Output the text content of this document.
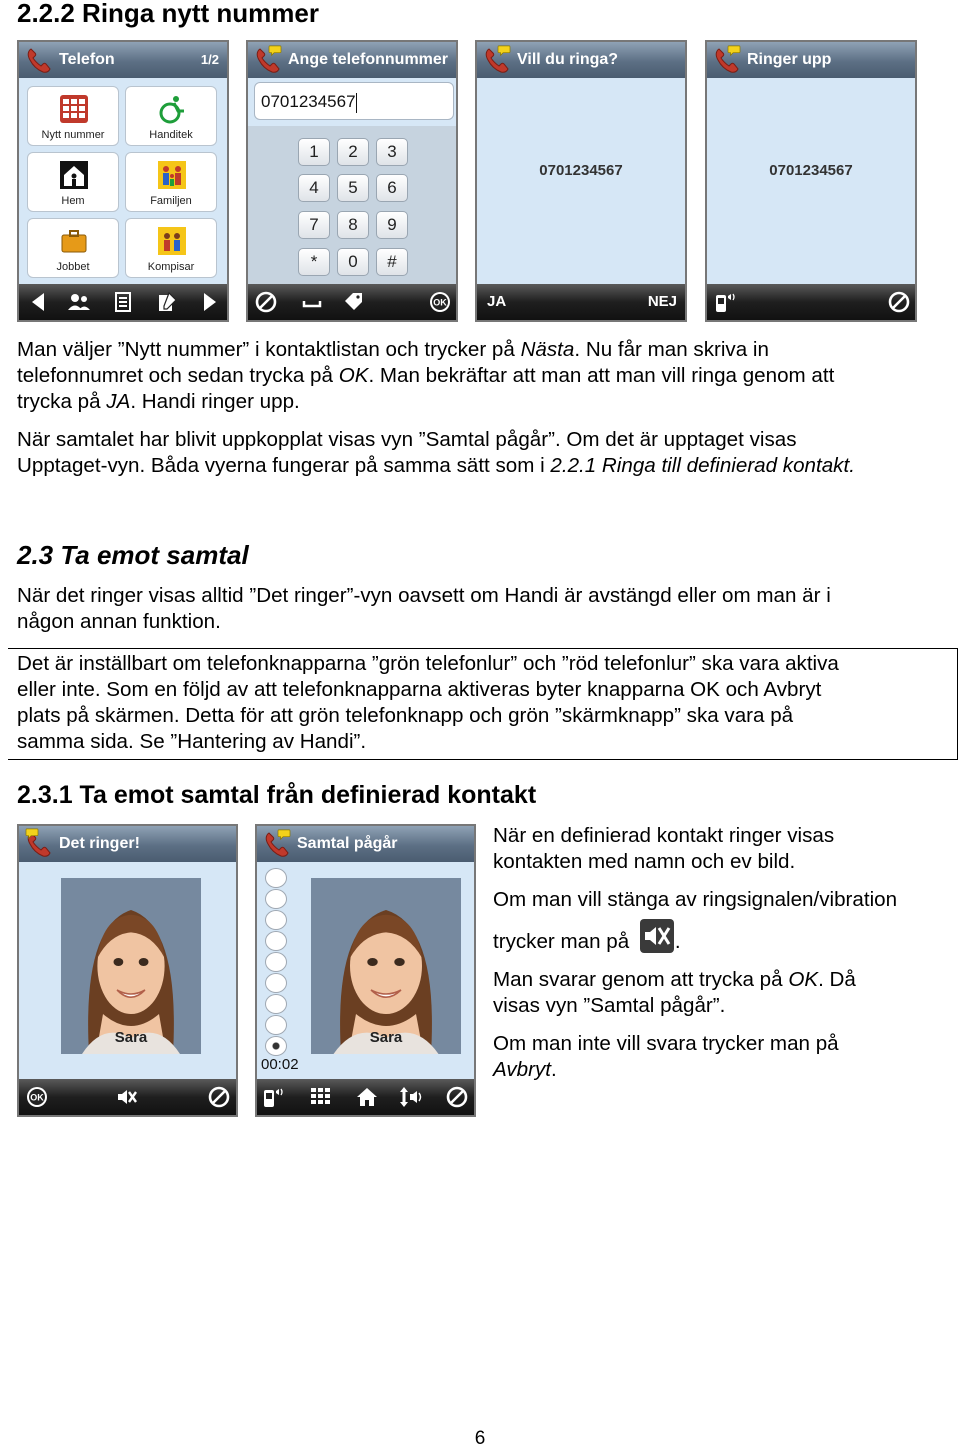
2.2.2 Ringa nytt nummer
Telefon	1/2
Nytt nummer	Handitek
Hem	Familjen
Jobbet	Kompisar
Ange telefonnummer
0701234567
1	2	3
4	5	6
7	8	9
*	0	#
Vill du ringa?
0701234567
JA	NEJ
Ringer upp
0701234567
Man väljer ”Nytt nummer” i kontaktlistan och trycker på Nästa. Nu får man skriva in
telefonnumret och sedan trycka på OK. Man bekräftar att man att man vill ringa genom att
trycka på JA. Handi ringer upp.
När samtalet har blivit uppkopplat visas vyn ”Samtal pågår”. Om det är upptaget visas
Upptaget-vyn. Båda vyerna fungerar på samma sätt som i 2.2.1 Ringa till definierad kontakt.
2.3 Ta emot samtal
När det ringer visas alltid ”Det ringer”-vyn oavsett om Handi är avstängd eller om man är i
någon annan funktion.
Det är inställbart om telefonknapparna ”grön telefonlur” och ”röd telefonlur” ska vara aktiva
eller inte. Som en följd av att telefonknapparna aktiveras byter knapparna OK och Avbryt
plats på skärmen. Detta för att grön telefonknapp och grön ”skärmknapp” ska vara på
samma sida. Se ”Hantering av Handi”.
2.3.1 Ta emot samtal från definierad kontakt
Det ringer!
Sara
Samtal pågår
Sara
00:02
När en definierad kontakt ringer visas
kontakten med namn och ev bild.
Om man vill stänga av ringsignalen/vibration
trycker man på .
Man svarar genom att trycka på OK. Då
visas vyn ”Samtal pågår”.
Om man inte vill svara trycker man på
Avbryt.
6
